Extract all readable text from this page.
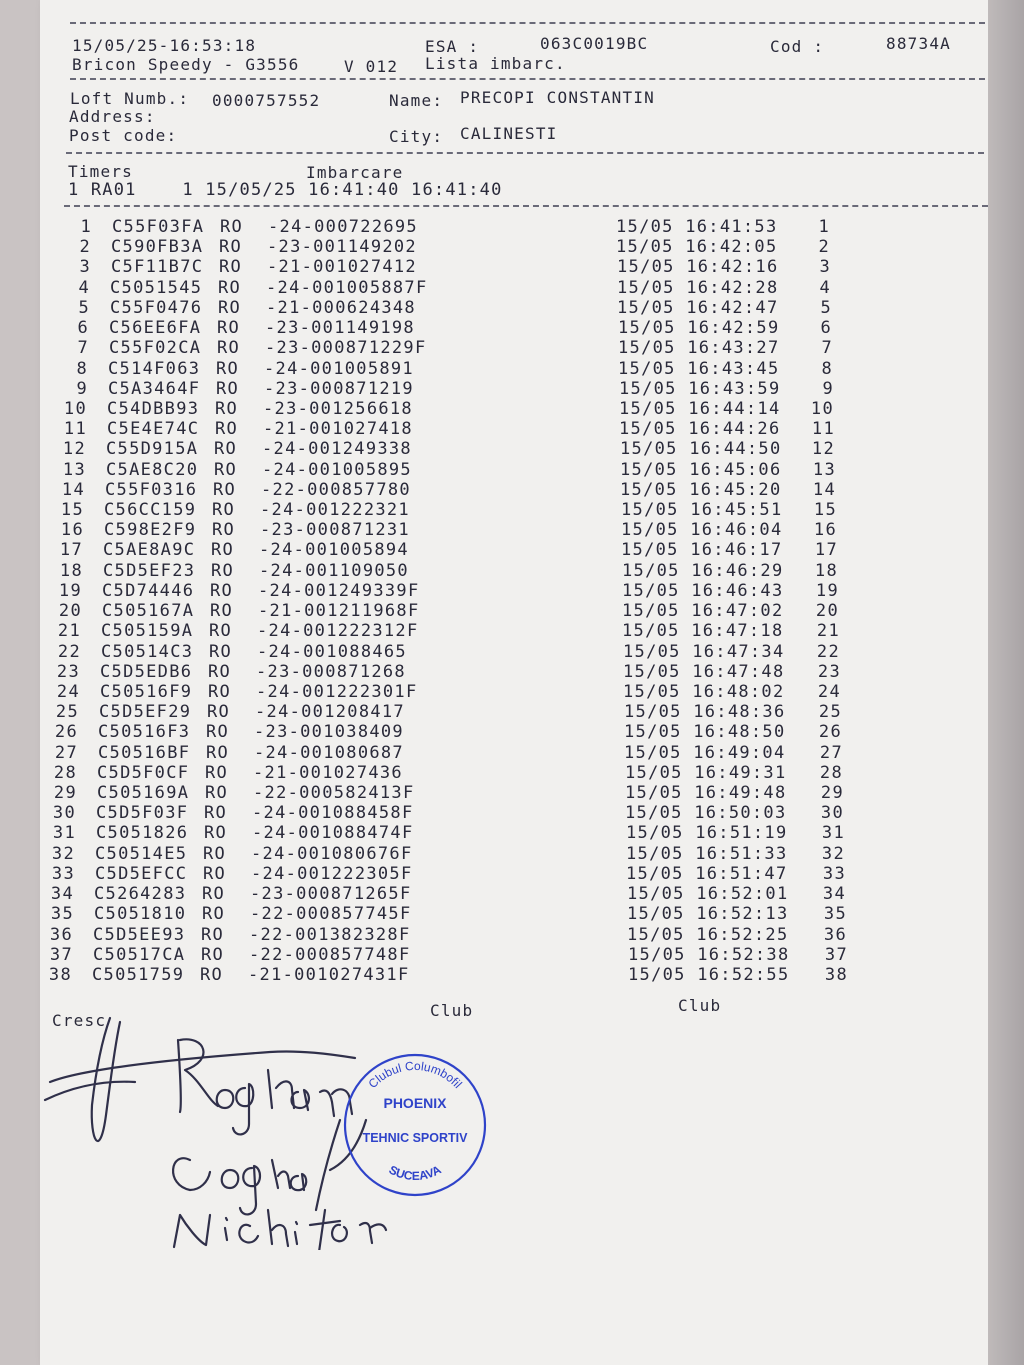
15/05/25-16:53:18	ESA :	063C0019BC	Cod :	88734A
Bricon Speedy - G3556	V 012 Lista imbarc.
Loft Numb.: 0000757552	Name: PRECOPI CONSTANTIN
Address:
Post code:	City: CALINESTI
Timers	Imbarcare
1 RA01    1 15/05/25 16:41:40 16:41:40
1 C55F03FA RO -24-000722695	15/05 16:41:53	1
2 C590FB3A RO -23-001149202	15/05 16:42:05	2
3 C5F11B7C RO -21-001027412	15/05 16:42:16	3
4 C5051545 RO -24-001005887F	15/05 16:42:28	4
5 C55F0476 RO -21-000624348	15/05 16:42:47	5
6 C56EE6FA RO -23-001149198	15/05 16:42:59	6
7 C55F02CA RO -23-000871229F	15/05 16:43:27	7
8 C514F063 RO -24-001005891	15/05 16:43:45	8
9 C5A3464F RO -23-000871219	15/05 16:43:59	9
10 C54DBB93 RO -23-001256618	15/05 16:44:14	10
11 C5E4E74C RO -21-001027418	15/05 16:44:26	11
12 C55D915A RO -24-001249338	15/05 16:44:50	12
13 C5AE8C20 RO -24-001005895	15/05 16:45:06	13
14 C55F0316 RO -22-000857780	15/05 16:45:20	14
15 C56CC159 RO -24-001222321	15/05 16:45:51	15
16 C598E2F9 RO -23-000871231	15/05 16:46:04	16
17 C5AE8A9C RO -24-001005894	15/05 16:46:17	17
18 C5D5EF23 RO -24-001109050	15/05 16:46:29	18
19 C5D74446 RO -24-001249339F	15/05 16:46:43	19
20 C505167A RO -21-001211968F	15/05 16:47:02	20
21 C505159A RO -24-001222312F	15/05 16:47:18	21
22 C50514C3 RO -24-001088465	15/05 16:47:34	22
23 C5D5EDB6 RO -23-000871268	15/05 16:47:48	23
24 C50516F9 RO -24-001222301F	15/05 16:48:02	24
25 C5D5EF29 RO -24-001208417	15/05 16:48:36	25
26 C50516F3 RO -23-001038409	15/05 16:48:50	26
27 C50516BF RO -24-001080687	15/05 16:49:04	27
28 C5D5F0CF RO -21-001027436	15/05 16:49:31	28
29 C505169A RO -22-000582413F	15/05 16:49:48	29
30 C5D5F03F RO -24-001088458F	15/05 16:50:03	30
31 C5051826 RO -24-001088474F	15/05 16:51:19	31
32 C50514E5 RO -24-001080676F	15/05 16:51:33	32
33 C5D5EFCC RO -24-001222305F	15/05 16:51:47	33
34 C5264283 RO -23-000871265F	15/05 16:52:01	34
35 C5051810 RO -22-000857745F	15/05 16:52:13	35
36 C5D5EE93 RO -22-001382328F	15/05 16:52:25	36
37 C50517CA RO -22-000857748F	15/05 16:52:38	37
38 C5051759 RO -21-001027431F	15/05 16:52:55	38
Cresc
Club	Club
Clubul Columbofil
PHOENIX
TEHNIC SPORTIV
SUCEAVA
